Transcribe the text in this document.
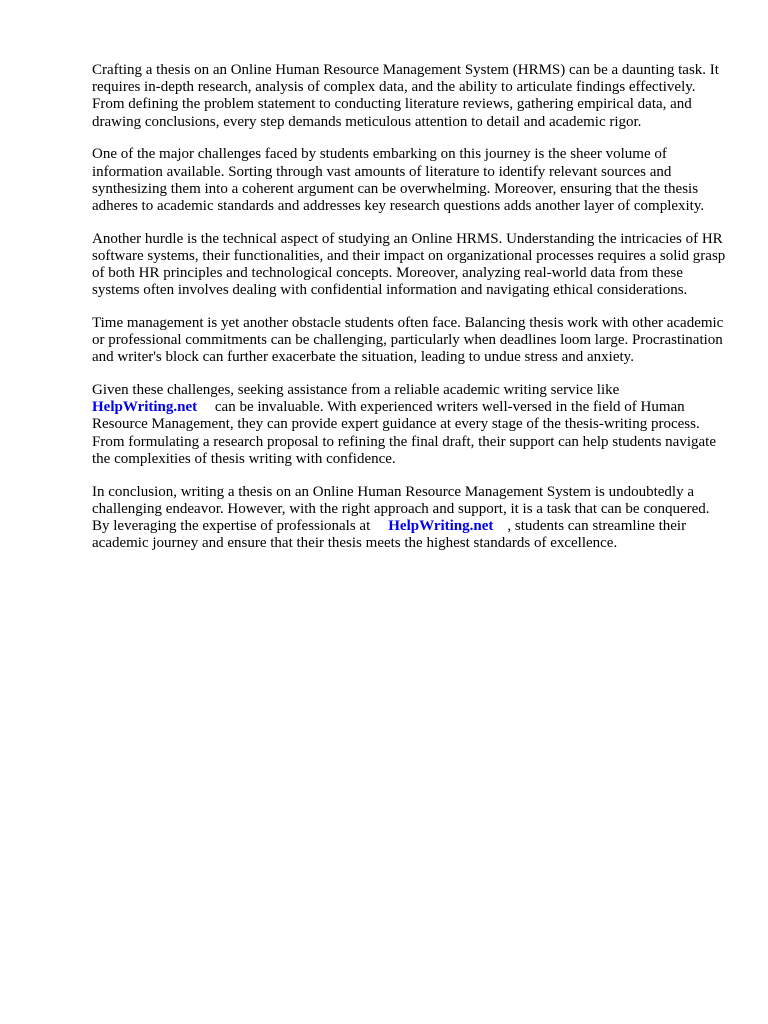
Crafting a thesis on an Online Human Resource Management System (HRMS) can be a daunting task. It requires in-depth research, analysis of complex data, and the ability to articulate findings effectively. From defining the problem statement to conducting literature reviews, gathering empirical data, and drawing conclusions, every step demands meticulous attention to detail and academic rigor.

One of the major challenges faced by students embarking on this journey is the sheer volume of information available. Sorting through vast amounts of literature to identify relevant sources and synthesizing them into a coherent argument can be overwhelming. Moreover, ensuring that the thesis adheres to academic standards and addresses key research questions adds another layer of complexity.

Another hurdle is the technical aspect of studying an Online HRMS. Understanding the intricacies of HR software systems, their functionalities, and their impact on organizational processes requires a solid grasp of both HR principles and technological concepts. Moreover, analyzing real-world data from these systems often involves dealing with confidential information and navigating ethical considerations.

Time management is yet another obstacle students often face. Balancing thesis work with other academic or professional commitments can be challenging, particularly when deadlines loom large. Procrastination and writer's block can further exacerbate the situation, leading to undue stress and anxiety.

Given these challenges, seeking assistance from a reliable academic writing service like
HelpWriting.net can be invaluable. With experienced writers well-versed in the field of Human Resource Management, they can provide expert guidance at every stage of the thesis-writing process. From formulating a research proposal to refining the final draft, their support can help students navigate the complexities of thesis writing with confidence.

In conclusion, writing a thesis on an Online Human Resource Management System is undoubtedly a challenging endeavor. However, with the right approach and support, it is a task that can be conquered. By leveraging the expertise of professionals at HelpWriting.net , students can streamline their academic journey and ensure that their thesis meets the highest standards of excellence.
